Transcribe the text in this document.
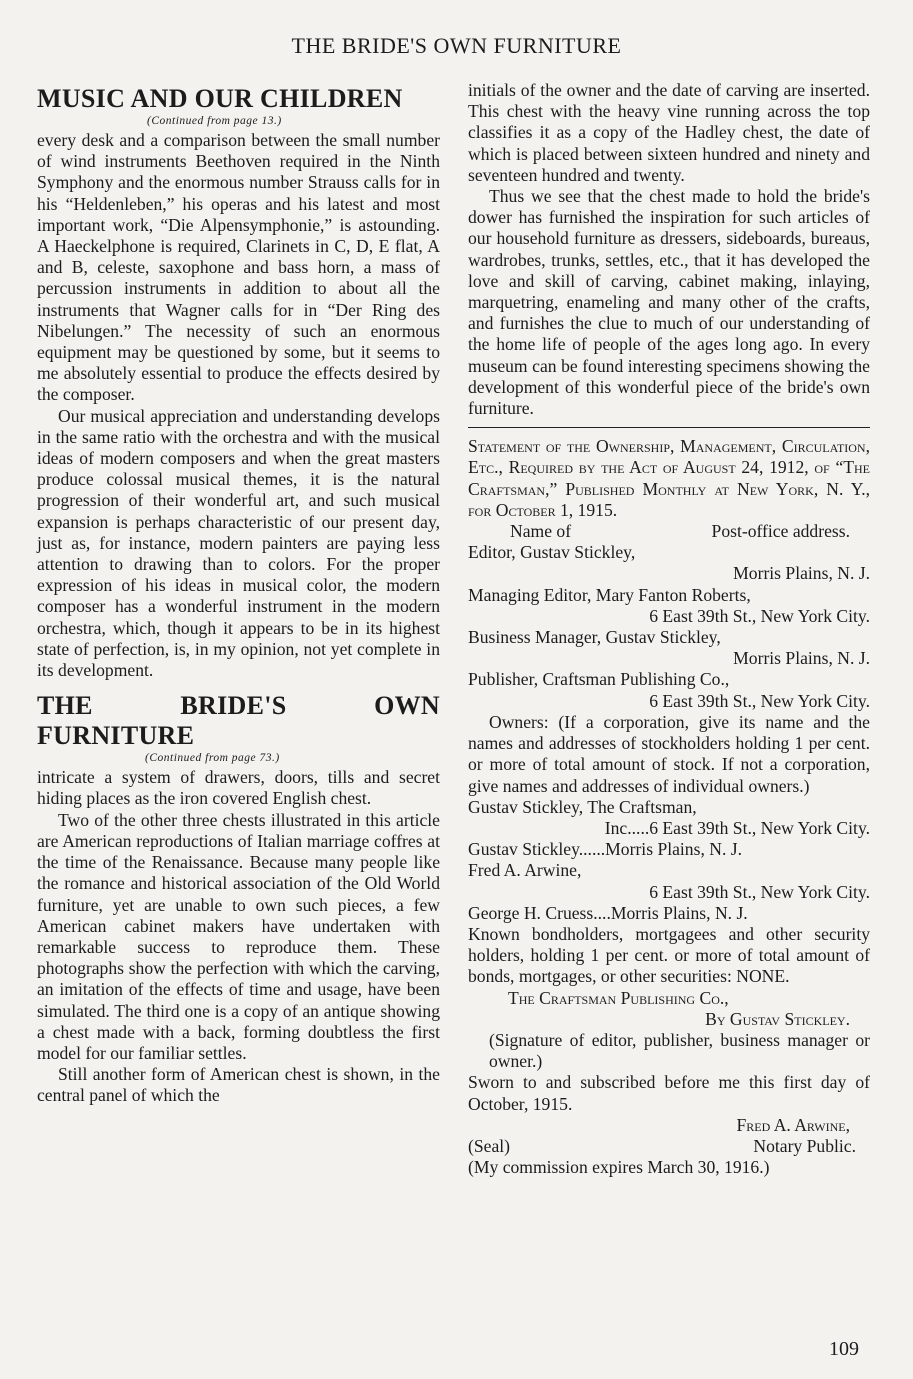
THE BRIDE'S OWN FURNITURE
MUSIC AND OUR CHILDREN

(Continued from page 13.)

every desk and a comparison between the small number of wind instruments Beethoven required in the Ninth Symphony and the enormous number Strauss calls for in his “Heldenleben,” his operas and his latest and most important work, “Die Alpensymphonie,” is astounding. A Haeckelphone is required, Clarinets in C, D, E flat, A and B, celeste, saxophone and bass horn, a mass of percussion instruments in addition to about all the instruments that Wagner calls for in “Der Ring des Nibelungen.” The necessity of such an enormous equipment may be questioned by some, but it seems to me absolutely essential to produce the effects desired by the composer.

Our musical appreciation and understanding develops in the same ratio with the orchestra and with the musical ideas of modern composers and when the great masters produce colossal musical themes, it is the natural progression of their wonderful art, and such musical expansion is perhaps characteristic of our present day, just as, for instance, modern painters are paying less attention to drawing than to colors. For the proper expression of his ideas in musical color, the modern composer has a wonderful instrument in the modern orchestra, which, though it appears to be in its highest state of perfection, is, in my opinion, not yet complete in its development.

THE BRIDE'S OWN FURNITURE

(Continued from page 73.)

intricate a system of drawers, doors, tills and secret hiding places as the iron covered English chest.

Two of the other three chests illustrated in this article are American reproductions of Italian marriage coffres at the time of the Renaissance. Because many people like the romance and historical association of the Old World furniture, yet are unable to own such pieces, a few American cabinet makers have undertaken with remarkable success to reproduce them. These photographs show the perfection with which the carving, an imitation of the effects of time and usage, have been simulated. The third one is a copy of an antique showing a chest made with a back, forming doubtless the first model for our familiar settles.

Still another form of American chest is shown, in the central panel of which the

initials of the owner and the date of carving are inserted. This chest with the heavy vine running across the top classifies it as a copy of the Hadley chest, the date of which is placed between sixteen hundred and ninety and seventeen hundred and twenty.

Thus we see that the chest made to hold the bride's dower has furnished the inspiration for such articles of our household furniture as dressers, sideboards, bureaus, wardrobes, trunks, settles, etc., that it has developed the love and skill of carving, cabinet making, inlaying, marquetring, enameling and many other of the crafts, and furnishes the clue to much of our understanding of the home life of people of the ages long ago. In every museum can be found interesting specimens showing the development of this wonderful piece of the bride's own furniture.

Statement of the Ownership, Management, Circulation, Etc., Required by the Act of August 24, 1912, of “The Craftsman,” Published Monthly at New York, N. Y., for October 1, 1915.

Name of	Post-office address.

Editor, Gustav Stickley,

Morris Plains, N. J.

Managing Editor, Mary Fanton Roberts,

6 East 39th St., New York City.

Business Manager, Gustav Stickley,

Morris Plains, N. J.

Publisher, Craftsman Publishing Co.,

6 East 39th St., New York City.

Owners: (If a corporation, give its name and the names and addresses of stockholders holding 1 per cent. or more of total amount of stock. If not a corporation, give names and addresses of individual owners.)

Gustav Stickley, The Craftsman,

Inc.....6 East 39th St., New York City.

Gustav Stickley......Morris Plains, N. J.

Fred A. Arwine,

6 East 39th St., New York City.

George H. Cruess....Morris Plains, N. J.

Known bondholders, mortgagees and other security holders, holding 1 per cent. or more of total amount of bonds, mortgages, or other securities: NONE.

The Craftsman Publishing Co.,

By Gustav Stickley.

(Signature of editor, publisher, business manager or owner.)

Sworn to and subscribed before me this first day of October, 1915.

Fred A. Arwine,

(Seal)	Notary Public.

(My commission expires March 30, 1916.)

109
